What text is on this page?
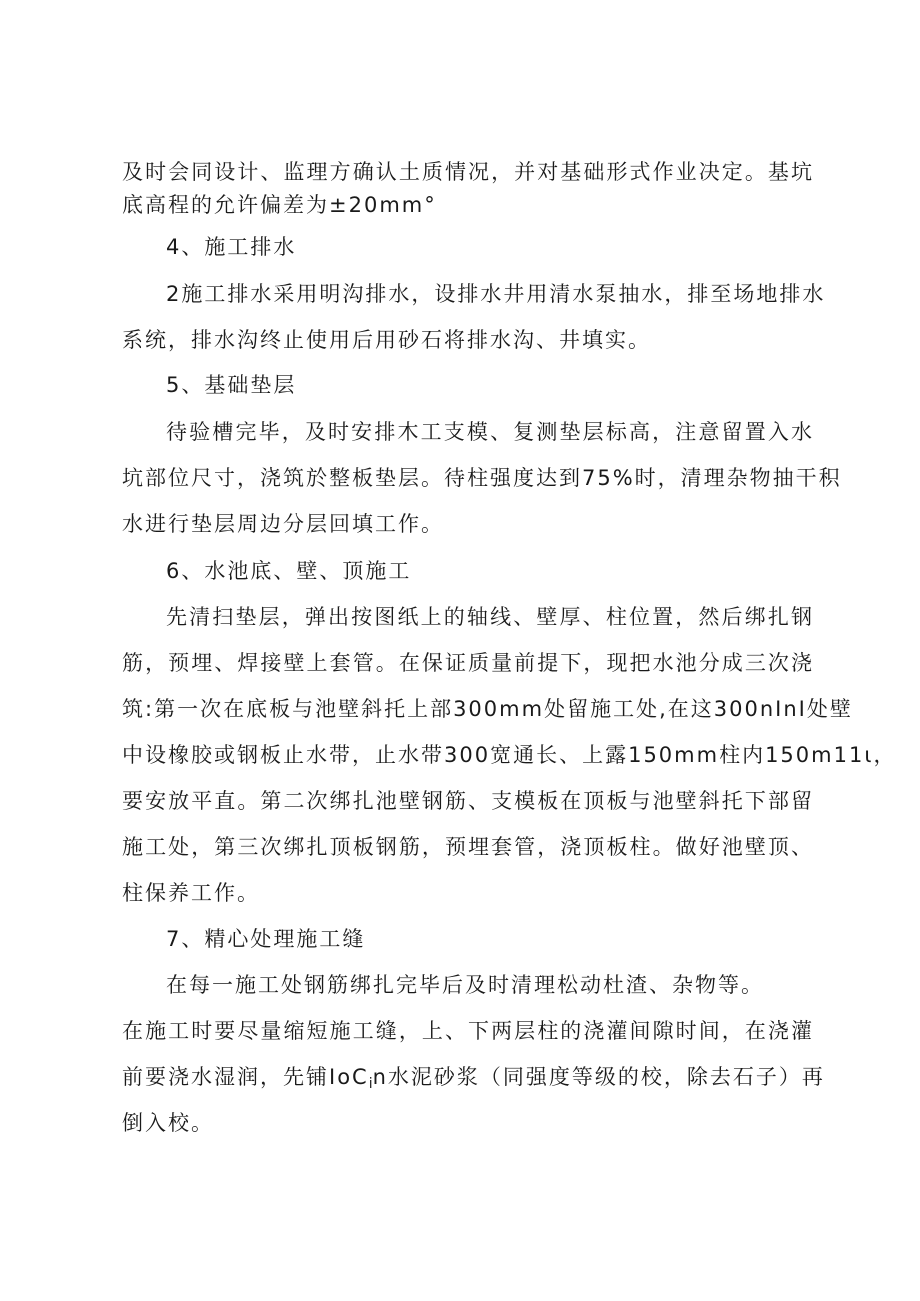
及时会同设计、监理方确认土质情况，并对基础形式作业决定。基坑
底高程的允许偏差为±20mm°
4、施工排水
2施工排水采用明沟排水，设排水井用清水泵抽水，排至场地排水
系统，排水沟终止使用后用砂石将排水沟、井填实。
5、基础垫层
待验槽完毕，及时安排木工支模、复测垫层标高，注意留置入水
坑部位尺寸，浇筑於整板垫层。待柱强度达到75%时，清理杂物抽干积
水进行垫层周边分层回填工作。
6、水池底、壁、顶施工
先清扫垫层，弹出按图纸上的轴线、壁厚、柱位置，然后绑扎钢
筋，预埋、焊接壁上套管。在保证质量前提下，现把水池分成三次浇
筑:第一次在底板与池壁斜托上部300mm处留施工处,在这300nInI处壁
中设橡胶或钢板止水带，止水带300宽通长、上露150mm柱内150m11ι，
要安放平直。第二次绑扎池壁钢筋、支模板在顶板与池壁斜托下部留
施工处，第三次绑扎顶板钢筋，预埋套管，浇顶板柱。做好池壁顶、
柱保养工作。
7、精心处理施工缝
在每一施工处钢筋绑扎完毕后及时清理松动杜渣、杂物等。
在施工时要尽量缩短施工缝，上、下两层柱的浇灌间隙时间，在浇灌
前要浇水湿润，先铺IoC$_i$n水泥砂浆（同强度等级的校，除去石子）再
倒入校。
